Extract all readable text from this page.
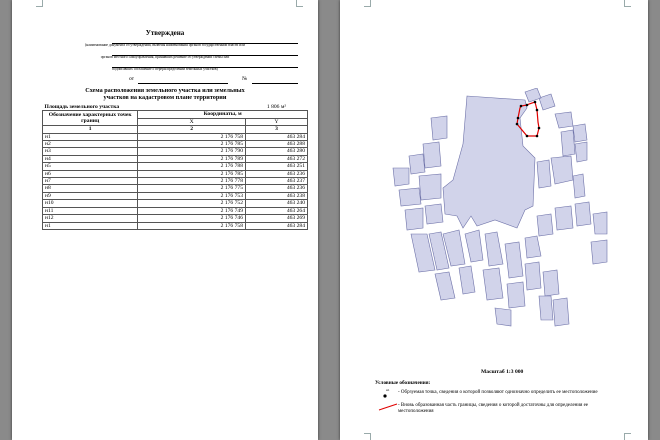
Утверждена
(наименование документа об утверждении, включая наименования органов государственной власти или
органов местного самоуправления, принявших решение об утверждении схемы или
подписавших соглашение о перераспределении земельных участков)
от	№
Схема расположения земельного участка или земельных
участков на кадастровом плане территории
Площадь земельного участка		1 806 м²
Обозначение характерных точек границ	Координаты, м	
	X	Y
1	2	3
н1	2 176 758	463 284
н2	2 176 785	463 288
н3	2 176 790	463 280
н4	2 176 789	463 272
н5	2 176 788	463 251
н6	2 176 785	463 236
н7	2 176 778	463 237
н8	2 176 775	463 236
н9	2 176 753	463 238
н10	2 176 752	463 240
н11	2 176 749	463 264
н12	2 176 746	463 269
н1	2 176 758	463 284
Масштаб 1:3 000
Условные обозначения:
н1 - Обрзуемая точка, сведения о которой позволяют однозначно определить ее местоположение
- Вновь образованная часть границы, сведения о которой достаточны для определения ее
местоположения
